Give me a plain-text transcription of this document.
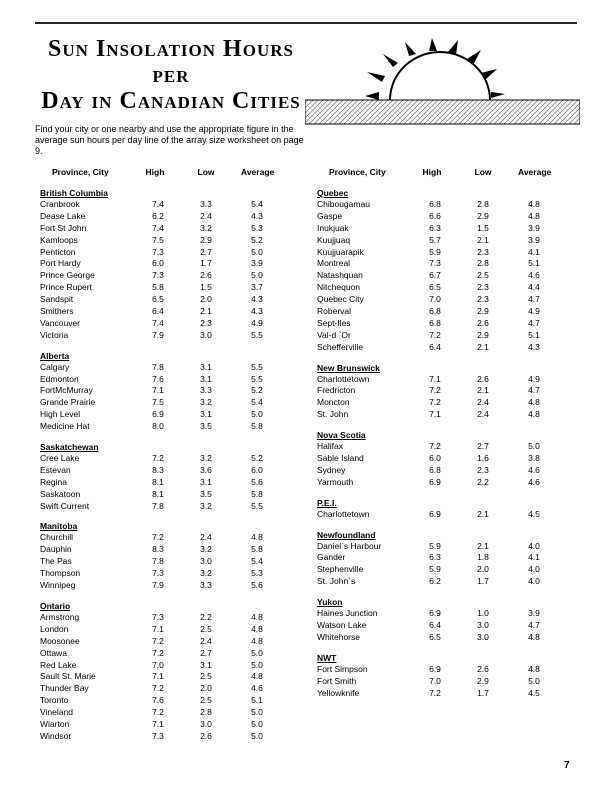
Sun Insolation Hours
per
Day in Canadian Cities
Find your city or one nearby and use the appropriate figure in the average sun hours per day line of the array size worksheet on page 9.
Province, City	High	Low	Average
British Columbia
Cranbrook	7.4	3.3	5.4
Dease Lake	6.2	2.4	4.3
Fort St John	7.4	3.2	5.3
Kamloops	7.5	2.9	5.2
Penticton	7.3	2.7	5.0
Port Hardy	6.0	1.7	3.9
Prince George	7.3	2.6	5.0
Prince Rupert	5.8	1.5	3.7
Sandspit	6.5	2.0	4.3
Smithers	6.4	2.1	4.3
Vancouver	7.4	2.3	4.9
Victoria	7.9	3.0	5.5
Alberta
Calgary	7.8	3.1	5.5
Edmonton	7.6	3.1	5.5
FortMcMurray	7.1	3.3	5.2
Grande Prairie	7.5	3.2	5.4
High Level	6.9	3.1	5.0
Medicine Hat	8.0	3.5	5.8
Saskatchewan
Cree Lake	7.2	3.2	5.2
Estevan	8.3	3.6	6.0
Regina	8.1	3.1	5.6
Saskatoon	8.1	3.5	5.8
Swift Current	7.8	3.2	5.5
Manitoba
Churchill	7.2	2.4	4.8
Dauphin	8.3	3.2	5.8
The Pas	7.8	3.0	5.4
Thompson	7.3	3.2	5.3
Winnipeg	7.9	3.3	5.6
Ontario
Armstrong	7.3	2.2	4.8
London	7.1	2.5	4.8
Moosonee	7.2	2.4	4.8
Ottawa	7.2	2.7	5.0
Red Lake	7.0	3.1	5.0
Sault St. Marie	7.1	2.5	4.8
Thunder Bay	7.2	2.0	4.6
Toronto	7.6	2.5	5.1
Vineland	7.2	2.8	5.0
Wiarton	7.1	3.0	5.0
Windsor	7.3	2.6	5.0
Province, City	High	Low	Average
Quebec
Chibougamau	6.8	2.8	4.8
Gaspe	6.6	2.9	4.8
Inukjuak	6.3	1.5	3.9
Kuujjuaq	5.7	2.1	3.9
Kuujjuarapik	5.9	2.3	4.1
Montreal	7.3	2.8	5.1
Natashquan	6.7	2.5	4.6
Nitchequon	6.5	2.3	4.4
Quebec City	7.0	2.3	4.7
Roberval	6.8	2.9	4.9
Sept-Iles	6.8	2.6	4.7
Val-d `Or	7.2	2.9	5.1
Schefferville	6.4	2.1	4.3
New Brunswick
Charlottetown	7.1	2.6	4.9
Fredricton	7.2	2.1	4.7
Moncton	7.2	2.4	4.8
St. John	7.1	2.4	4.8
Nova Scotia
Halifax	7.2	2.7	5.0
Sable Island	6.0	1.6	3.8
Sydney	6.8	2.3	4.6
Yarmouth	6.9	2.2	4.6
P.E.I.
Charlottetown	6.9	2.1	4.5
Newfoundland
Daniel`s Harbour	5.9	2.1	4.0
Gander	6.3	1.8	4.1
Stephenville	5.9	2.0	4.0
St. John`s	6.2	1.7	4.0
Yukon
Haines Junction	6.9	1.0	3.9
Watson Lake	6.4	3.0	4.7
Whitehorse	6.5	3.0	4.8
NWT
Fort Simpson	6.9	2.6	4.8
Fort Smith	7.0	2.9	5.0
Yellowknife	7.2	1.7	4.5
7
